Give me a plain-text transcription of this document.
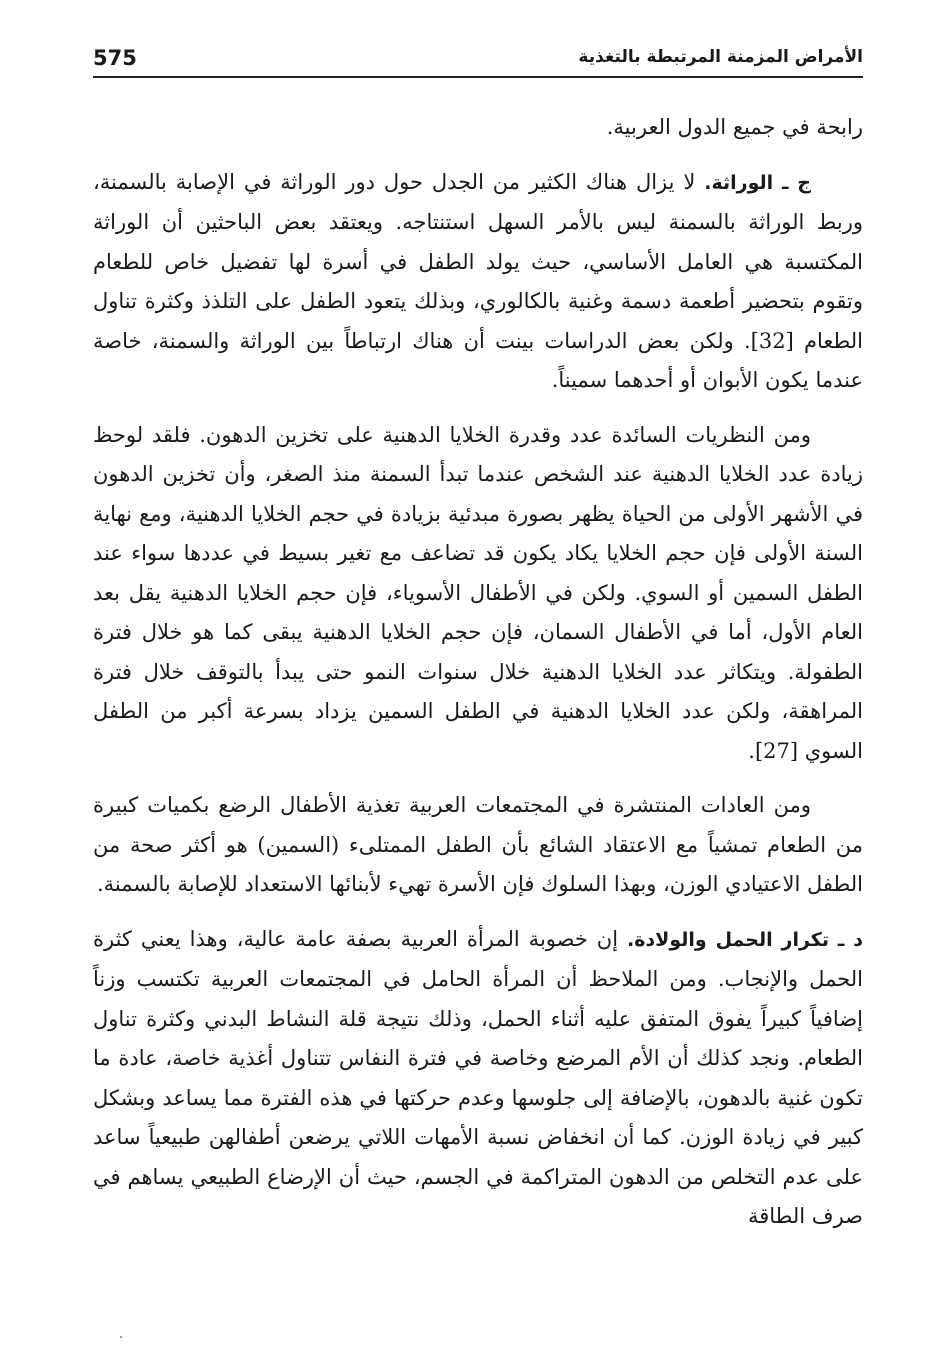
575	الأمراض المزمنة المرتبطة بالتغذية

رابحة في جميع الدول العربية.

ج ـ الوراثة. لا يزال هناك الكثير من الجدل حول دور الوراثة في الإصابة بالسمنة، وربط الوراثة بالسمنة ليس بالأمر السهل استنتاجه. ويعتقد بعض الباحثين أن الوراثة المكتسبة هي العامل الأساسي، حيث يولد الطفل في أسرة لها تفضيل خاص للطعام وتقوم بتحضير أطعمة دسمة وغنية بالكالوري، وبذلك يتعود الطفل على التلذذ وكثرة تناول الطعام [32]. ولكن بعض الدراسات بينت أن هناك ارتباطاً بين الوراثة والسمنة، خاصة عندما يكون الأبوان أو أحدهما سميناً.

ومن النظريات السائدة عدد وقدرة الخلايا الدهنية على تخزين الدهون. فلقد لوحظ زيادة عدد الخلايا الدهنية عند الشخص عندما تبدأ السمنة منذ الصغر، وأن تخزين الدهون في الأشهر الأولى من الحياة يظهر بصورة مبدئية بزيادة في حجم الخلايا الدهنية، ومع نهاية السنة الأولى فإن حجم الخلايا يكاد يكون قد تضاعف مع تغير بسيط في عددها سواء عند الطفل السمين أو السوي. ولكن في الأطفال الأسوياء، فإن حجم الخلايا الدهنية يقل بعد العام الأول، أما في الأطفال السمان، فإن حجم الخلايا الدهنية يبقى كما هو خلال فترة الطفولة. ويتكاثر عدد الخلايا الدهنية خلال سنوات النمو حتى يبدأ بالتوقف خلال فترة المراهقة، ولكن عدد الخلايا الدهنية في الطفل السمين يزداد بسرعة أكبر من الطفل السوي [27].

ومن العادات المنتشرة في المجتمعات العربية تغذية الأطفال الرضع بكميات كبيرة من الطعام تمشياً مع الاعتقاد الشائع بأن الطفل الممتلىء (السمين) هو أكثر صحة من الطفل الاعتيادي الوزن، وبهذا السلوك فإن الأسرة تهيء لأبنائها الاستعداد للإصابة بالسمنة.

د ـ تكرار الحمل والولادة. إن خصوبة المرأة العربية بصفة عامة عالية، وهذا يعني كثرة الحمل والإنجاب. ومن الملاحظ أن المرأة الحامل في المجتمعات العربية تكتسب وزناً إضافياً كبيراً يفوق المتفق عليه أثناء الحمل، وذلك نتيجة قلة النشاط البدني وكثرة تناول الطعام. ونجد كذلك أن الأم المرضع وخاصة في فترة النفاس تتناول أغذية خاصة، عادة ما تكون غنية بالدهون، بالإضافة إلى جلوسها وعدم حركتها في هذه الفترة مما يساعد وبشكل كبير في زيادة الوزن. كما أن انخفاض نسبة الأمهات اللاتي يرضعن أطفالهن طبيعياً ساعد على عدم التخلص من الدهون المتراكمة في الجسم، حيث أن الإرضاع الطبيعي يساهم في صرف الطاقة
